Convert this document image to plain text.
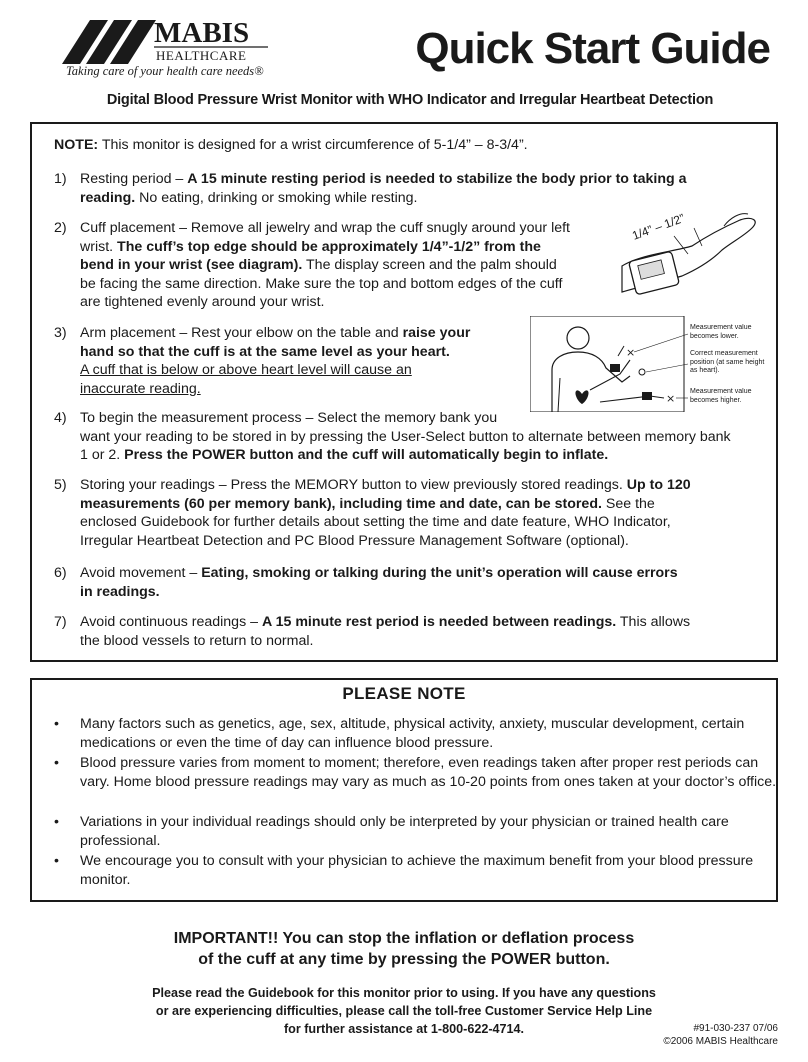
MABIS
HEALTHCARE
Taking care of your health care needs®	Quick Start Guide
Digital Blood Pressure Wrist Monitor with WHO Indicator and Irregular Heartbeat Detection
NOTE: This monitor is designed for a wrist circumference of 5-1/4” – 8-3/4”.
1) Resting period – A 15 minute resting period is needed to stabilize the body prior to taking a
reading. No eating, drinking or smoking while resting.
2) Cuff placement – Remove all jewelry and wrap the cuff snugly around your left
wrist. The cuff’s top edge should be approximately 1/4”-1/2” from the
bend in your wrist (see diagram). The display screen and the palm should
be facing the same direction. Make sure the top and bottom edges of the cuff
are tightened evenly around your wrist.
1/4” – 1/2”
3) Arm placement – Rest your elbow on the table and raise your
hand so that the cuff is at the same level as your heart.
A cuff that is below or above heart level will cause an
inaccurate reading.
×
×
Measurement value becomes lower.
Correct measurement position (at same height as heart).
Measurement value becomes higher.
4) To begin the measurement process – Select the memory bank you
want your reading to be stored in by pressing the User-Select button to alternate between memory bank
1 or 2. Press the POWER button and the cuff will automatically begin to inflate.
5) Storing your readings – Press the MEMORY button to view previously stored readings. Up to 120
measurements (60 per memory bank), including time and date, can be stored. See the
enclosed Guidebook for further details about setting the time and date feature, WHO Indicator,
Irregular Heartbeat Detection and PC Blood Pressure Management Software (optional).
6) Avoid movement – Eating, smoking or talking during the unit’s operation will cause errors
in readings.
7) Avoid continuous readings – A 15 minute rest period is needed between readings. This allows
the blood vessels to return to normal.
PLEASE NOTE
• Many factors such as genetics, age, sex, altitude, physical activity, anxiety, muscular development, certain medications or even the time of day can influence blood pressure.
• Blood pressure varies from moment to moment; therefore, even readings taken after proper rest periods can vary. Home blood pressure readings may vary as much as 10-20 points from ones taken at your doctor’s office.
• Variations in your individual readings should only be interpreted by your physician or trained health care professional.
• We encourage you to consult with your physician to achieve the maximum benefit from your blood pressure monitor.
IMPORTANT!! You can stop the inflation or deflation process
of the cuff at any time by pressing the POWER button.
Please read the Guidebook for this monitor prior to using. If you have any questions
or are experiencing difficulties, please call the toll-free Customer Service Help Line
for further assistance at 1-800-622-4714.	#91-030-237 07/06
©2006 MABIS Healthcare
